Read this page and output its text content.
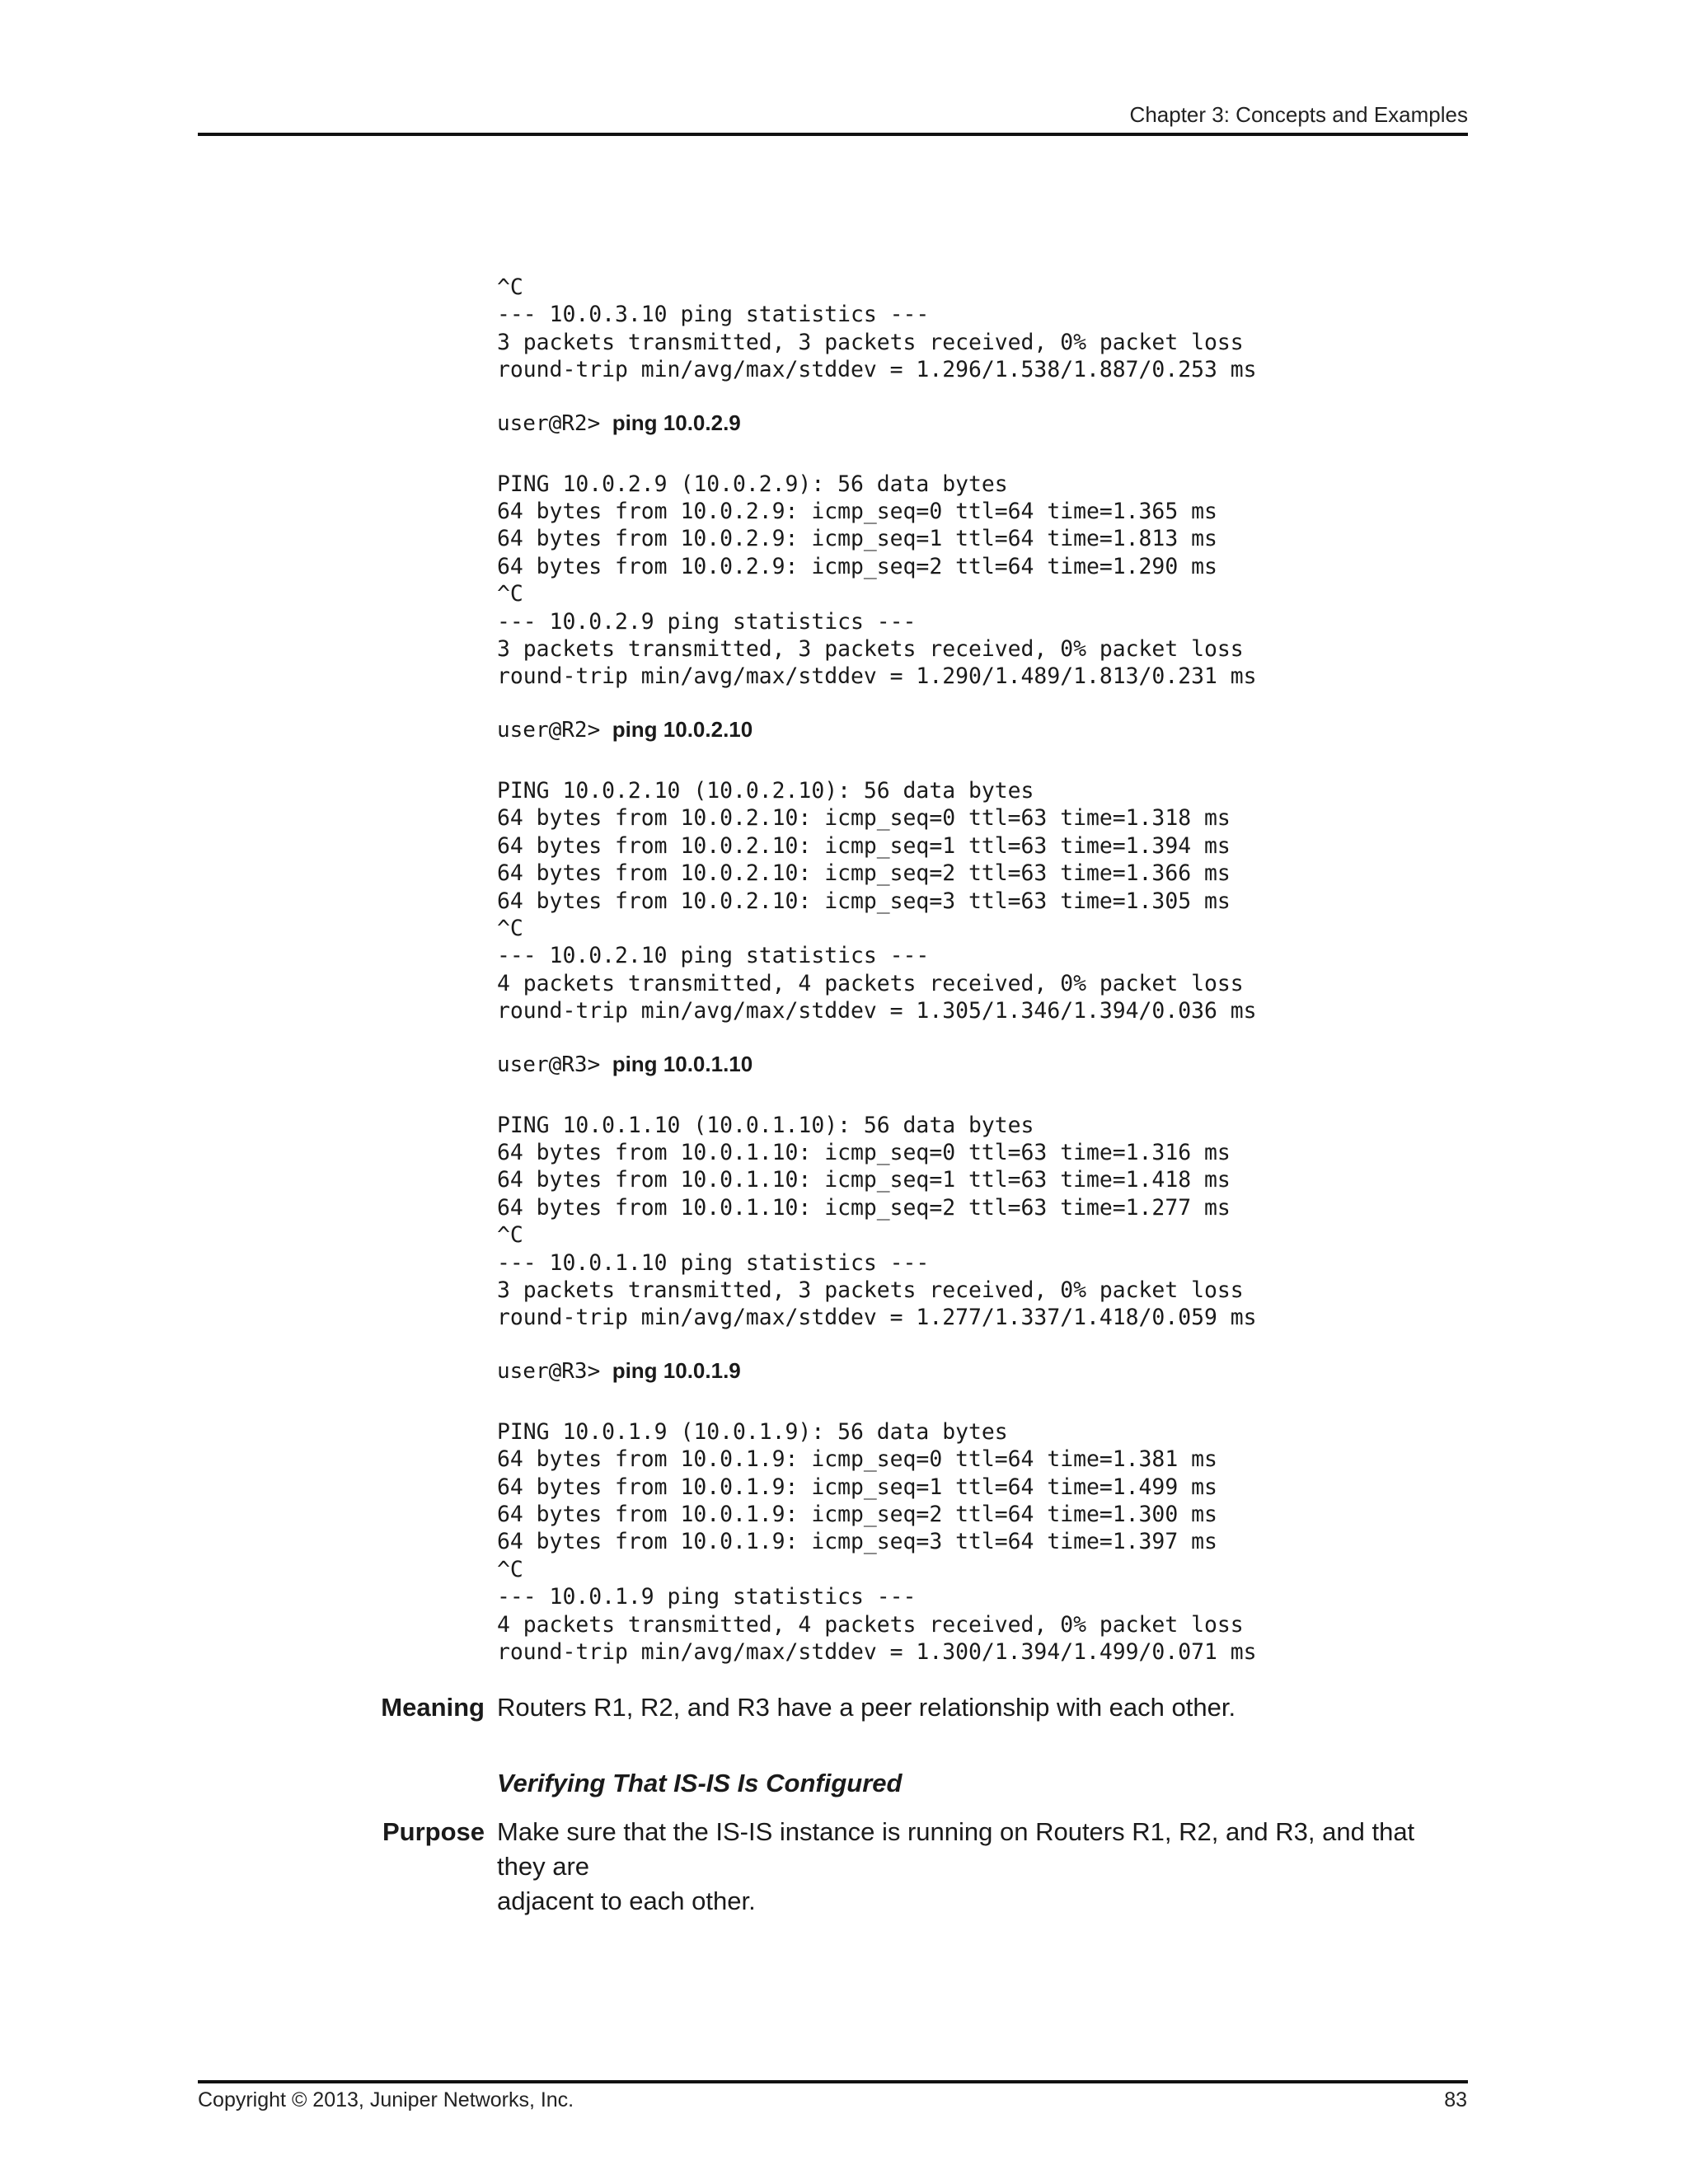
Chapter 3: Concepts and Examples
^C
--- 10.0.3.10 ping statistics ---
3 packets transmitted, 3 packets received, 0% packet loss
round-trip min/avg/max/stddev = 1.296/1.538/1.887/0.253 ms
user@R2> ping 10.0.2.9
PING 10.0.2.9 (10.0.2.9): 56 data bytes
64 bytes from 10.0.2.9: icmp_seq=0 ttl=64 time=1.365 ms
64 bytes from 10.0.2.9: icmp_seq=1 ttl=64 time=1.813 ms
64 bytes from 10.0.2.9: icmp_seq=2 ttl=64 time=1.290 ms
^C
--- 10.0.2.9 ping statistics ---
3 packets transmitted, 3 packets received, 0% packet loss
round-trip min/avg/max/stddev = 1.290/1.489/1.813/0.231 ms
user@R2> ping 10.0.2.10
PING 10.0.2.10 (10.0.2.10): 56 data bytes
64 bytes from 10.0.2.10: icmp_seq=0 ttl=63 time=1.318 ms
64 bytes from 10.0.2.10: icmp_seq=1 ttl=63 time=1.394 ms
64 bytes from 10.0.2.10: icmp_seq=2 ttl=63 time=1.366 ms
64 bytes from 10.0.2.10: icmp_seq=3 ttl=63 time=1.305 ms
^C
--- 10.0.2.10 ping statistics ---
4 packets transmitted, 4 packets received, 0% packet loss
round-trip min/avg/max/stddev = 1.305/1.346/1.394/0.036 ms
user@R3> ping 10.0.1.10
PING 10.0.1.10 (10.0.1.10): 56 data bytes
64 bytes from 10.0.1.10: icmp_seq=0 ttl=63 time=1.316 ms
64 bytes from 10.0.1.10: icmp_seq=1 ttl=63 time=1.418 ms
64 bytes from 10.0.1.10: icmp_seq=2 ttl=63 time=1.277 ms
^C
--- 10.0.1.10 ping statistics ---
3 packets transmitted, 3 packets received, 0% packet loss
round-trip min/avg/max/stddev = 1.277/1.337/1.418/0.059 ms
user@R3> ping 10.0.1.9
PING 10.0.1.9 (10.0.1.9): 56 data bytes
64 bytes from 10.0.1.9: icmp_seq=0 ttl=64 time=1.381 ms
64 bytes from 10.0.1.9: icmp_seq=1 ttl=64 time=1.499 ms
64 bytes from 10.0.1.9: icmp_seq=2 ttl=64 time=1.300 ms
64 bytes from 10.0.1.9: icmp_seq=3 ttl=64 time=1.397 ms
^C
--- 10.0.1.9 ping statistics ---
4 packets transmitted, 4 packets received, 0% packet loss
round-trip min/avg/max/stddev = 1.300/1.394/1.499/0.071 ms
Meaning Routers R1, R2, and R3 have a peer relationship with each other.
Verifying That IS-IS Is Configured
Purpose Make sure that the IS-IS instance is running on Routers R1, R2, and R3, and that they are
adjacent to each other.
Copyright © 2013, Juniper Networks, Inc.	83
